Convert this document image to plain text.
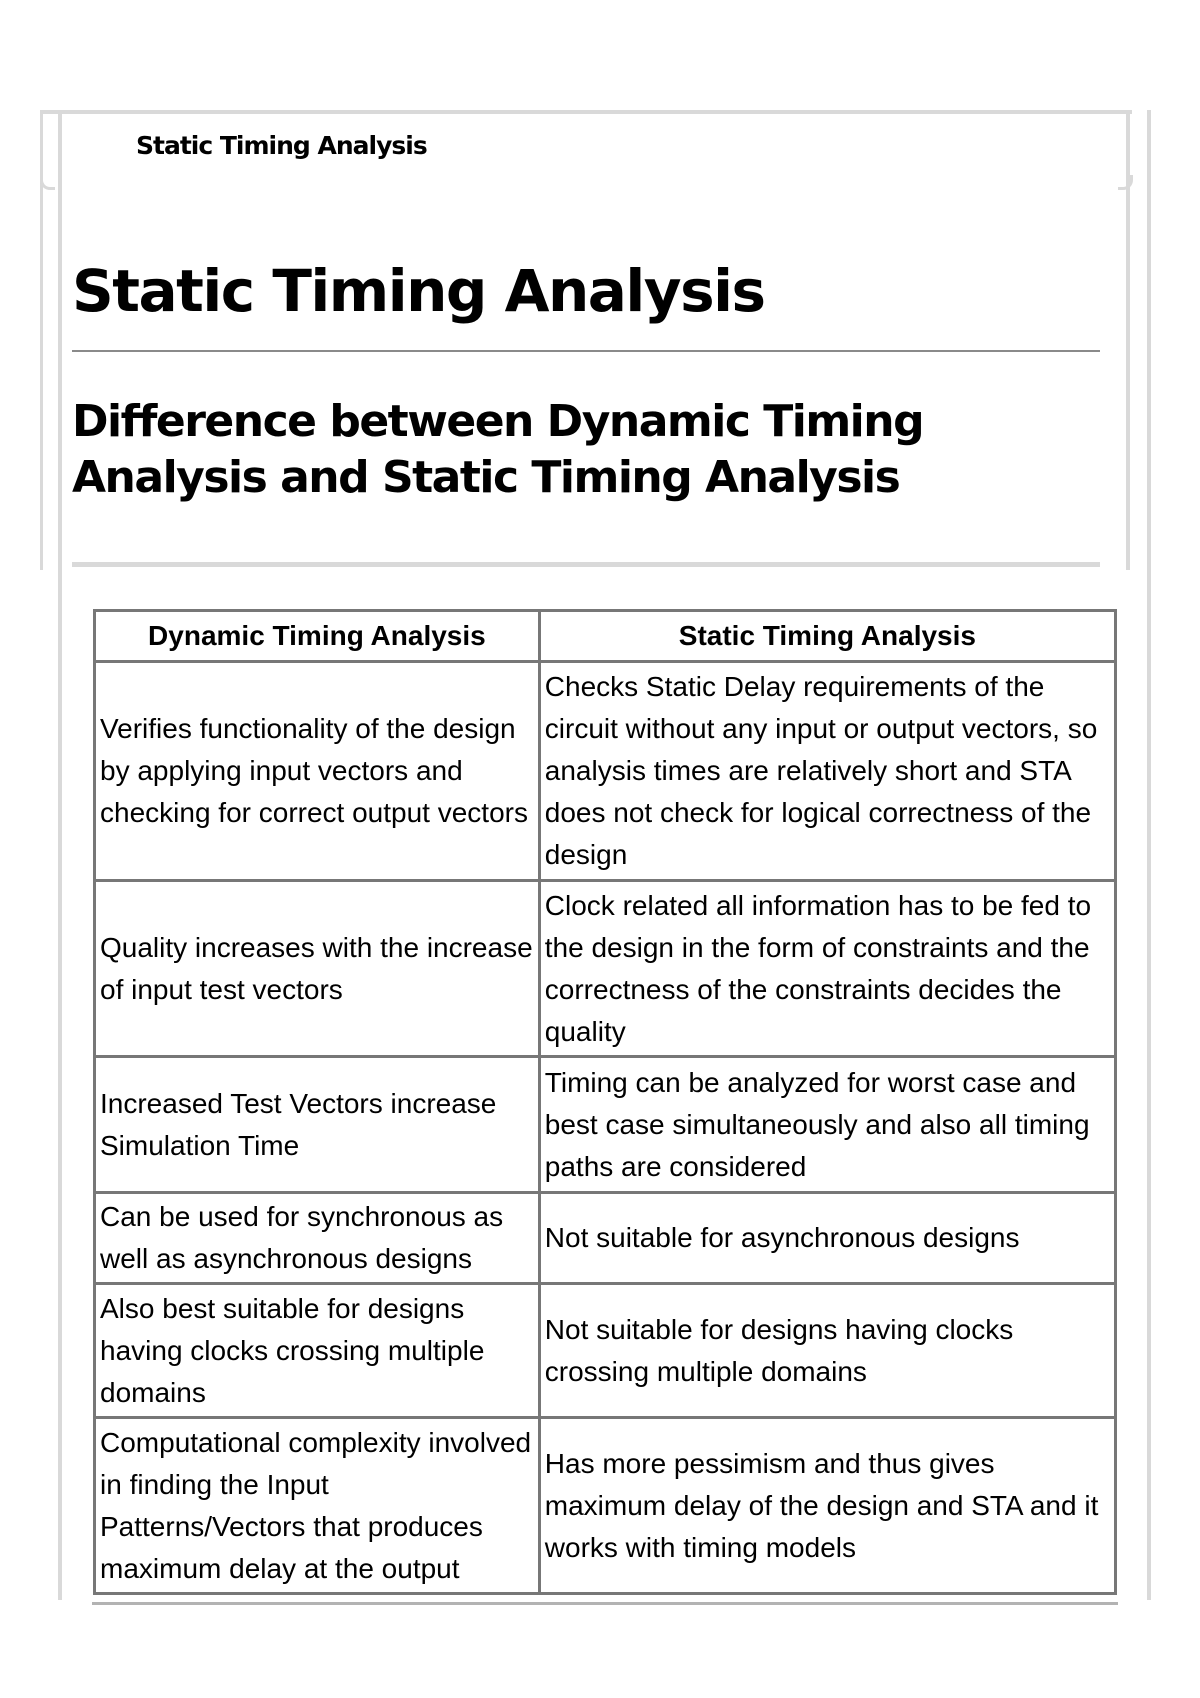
Static Timing Analysis
Static Timing Analysis
Difference between Dynamic Timing Analysis and Static Timing Analysis
Dynamic Timing Analysis	Static Timing Analysis
Verifies functionality of the design by applying input vectors and checking for correct output vectors	Checks Static Delay requirements of the circuit without any input or output vectors, so analysis times are relatively short and STA does not check for logical correctness of the design
Quality increases with the increase of input test vectors	Clock related all information has to be fed to the design in the form of constraints and the correctness of the constraints decides the quality
Increased Test Vectors increase Simulation Time	Timing can be analyzed for worst case and best case simultaneously and also all timing paths are considered
Can be used for synchronous as well as asynchronous designs	Not suitable for asynchronous designs
Also best suitable for designs having clocks crossing multiple domains	Not suitable for designs having clocks crossing multiple domains
Computational complexity involved in finding the Input Patterns/Vectors that produces maximum delay at the output	Has more pessimism and thus gives maximum delay of the design and STA and it works with timing models
